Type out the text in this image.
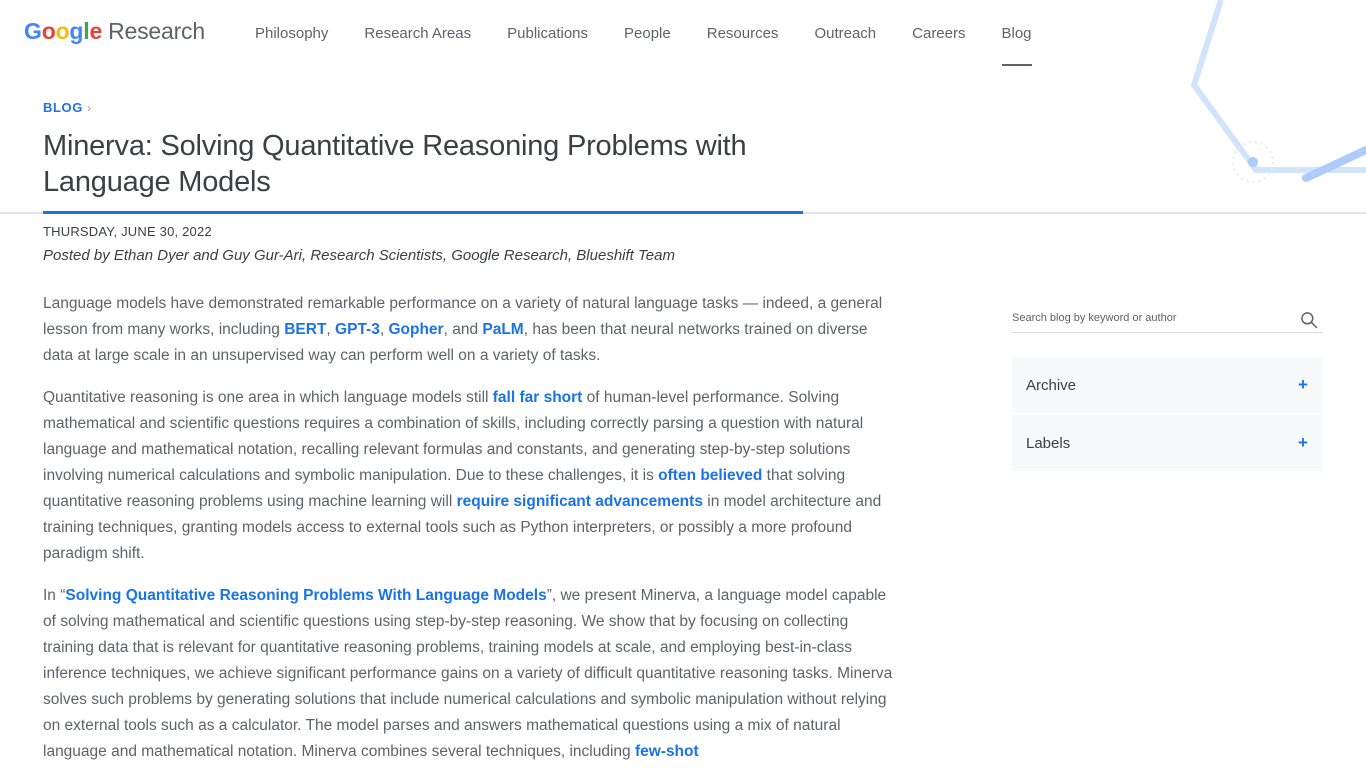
G o o g l e Research	Philosophy	Research Areas	Publications	People	Resources	Outreach	Careers	Blog
BLOG ›
Minerva: Solving Quantitative Reasoning Problems with Language Models
THURSDAY, JUNE 30, 2022
Posted by Ethan Dyer and Guy Gur-Ari, Research Scientists, Google Research, Blueshift Team

Language models have demonstrated remarkable performance on a variety of natural language tasks — indeed, a general lesson from many works, including BERT, GPT-3, Gopher, and PaLM, has been that neural networks trained on diverse data at large scale in an unsupervised way can perform well on a variety of tasks.

Quantitative reasoning is one area in which language models still fall far short of human-level performance. Solving mathematical and scientific questions requires a combination of skills, including correctly parsing a question with natural language and mathematical notation, recalling relevant formulas and constants, and generating step-by-step solutions involving numerical calculations and symbolic manipulation. Due to these challenges, it is often believed that solving quantitative reasoning problems using machine learning will require significant advancements in model architecture and training techniques, granting models access to external tools such as Python interpreters, or possibly a more profound paradigm shift.

In “Solving Quantitative Reasoning Problems With Language Models”, we present Minerva, a language model capable of solving mathematical and scientific questions using step-by-step reasoning. We show that by focusing on collecting training data that is relevant for quantitative reasoning problems, training models at scale, and employing best-in-class inference techniques, we achieve significant performance gains on a variety of difficult quantitative reasoning tasks. Minerva solves such problems by generating solutions that include numerical calculations and symbolic manipulation without relying on external tools such as a calculator. The model parses and answers mathematical questions using a mix of natural language and mathematical notation. Minerva combines several techniques, including few-shot

Search blog by keyword or author
Archive	+
Labels	+
